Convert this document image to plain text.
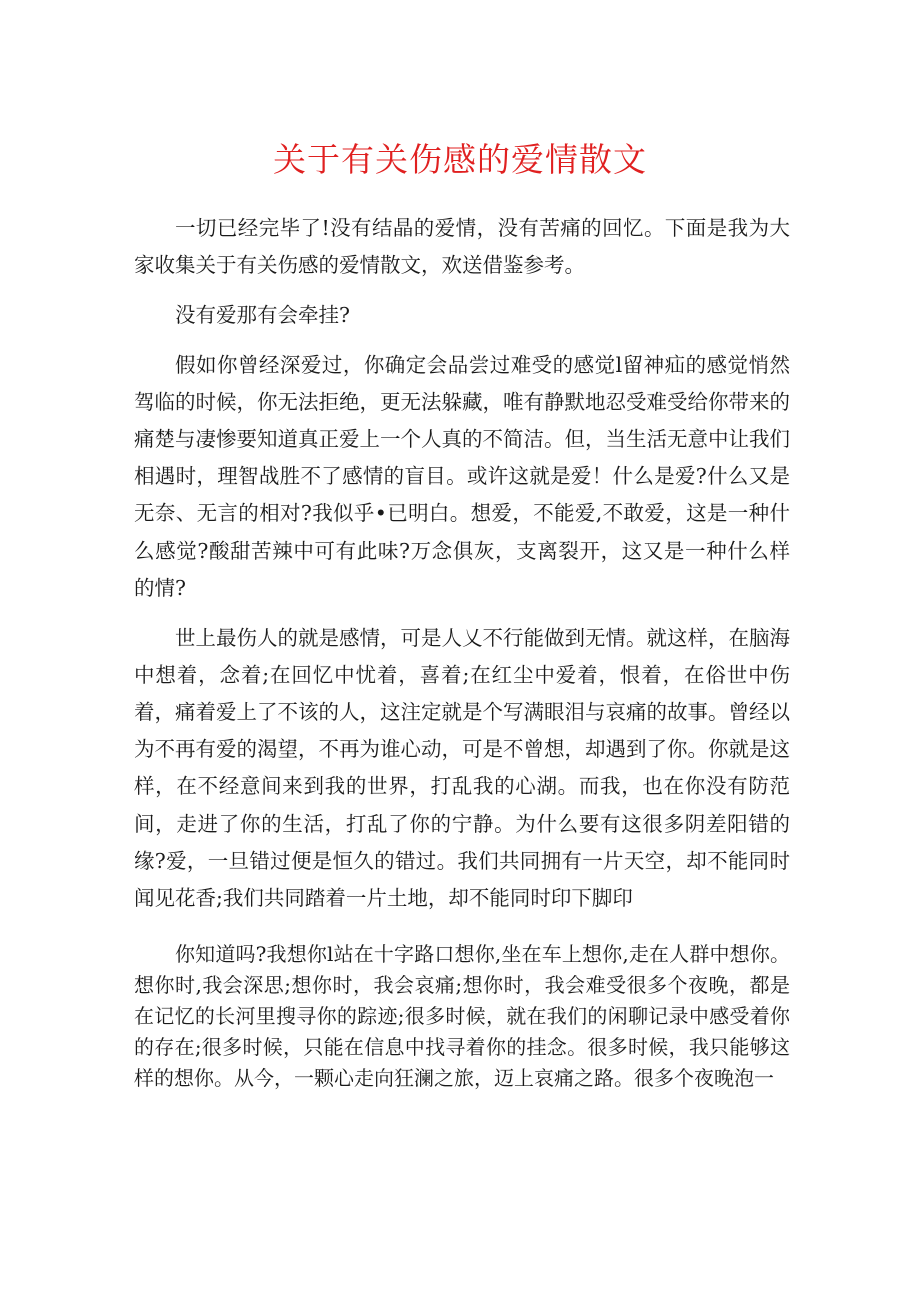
关于有关伤感的爱情散文

一切已经完毕了!没有结晶的爱情，没有苦痛的回忆。下面是我为大家收集关于有关伤感的爱情散文，欢送借鉴参考。

没有爱那有会牵挂?

假如你曾经深爱过，你确定会品尝过难受的感觉l留神疝的感觉悄然驾临的时候，你无法拒绝，更无法躲藏，唯有静默地忍受难受给你带来的痛楚与凄惨要知道真正爱上一个人真的不简洁。但，当生活无意中让我们相遇时，理智战胜不了感情的盲目。或许这就是爱！什么是爱?什么又是无奈、无言的相对?我似乎•已明白。想爱，不能爱,不敢爱，这是一种什么感觉?酸甜苦辣中可有此味?万念俱灰，支离裂开，这又是一种什么样的情?

世上最伤人的就是感情，可是人乂不行能做到无情。就这样，在脑海中想着，念着;在回忆中忧着，喜着;在红尘中爱着，恨着，在俗世中伤着，痛着爱上了不该的人，这注定就是个写满眼泪与哀痛的故事。曾经以为不再有爱的渴望，不再为谁心动，可是不曾想，却遇到了你。你就是这样，在不经意间来到我的世界，打乱我的心湖。而我，也在你没有防范间，走进了你的生活，打乱了你的宁静。为什么要有这很多阴差阳错的缘?爱，一旦错过便是恒久的错过。我们共同拥有一片天空，却不能同时闻见花香;我们共同踏着一片土地，却不能同时印下脚印

你知道吗?我想你l站在十字路口想你,坐在车上想你,走在人群中想你。想你时,我会深思;想你时，我会哀痛;想你时，我会难受很多个夜晚，都是在记忆的长河里搜寻你的踪迹;很多时候，就在我们的闲聊记录中感受着你的存在;很多时候，只能在信息中找寻着你的挂念。很多时候，我只能够这样的想你。从今，一颗心走向狂澜之旅，迈上哀痛之路。很多个夜晚泡一
